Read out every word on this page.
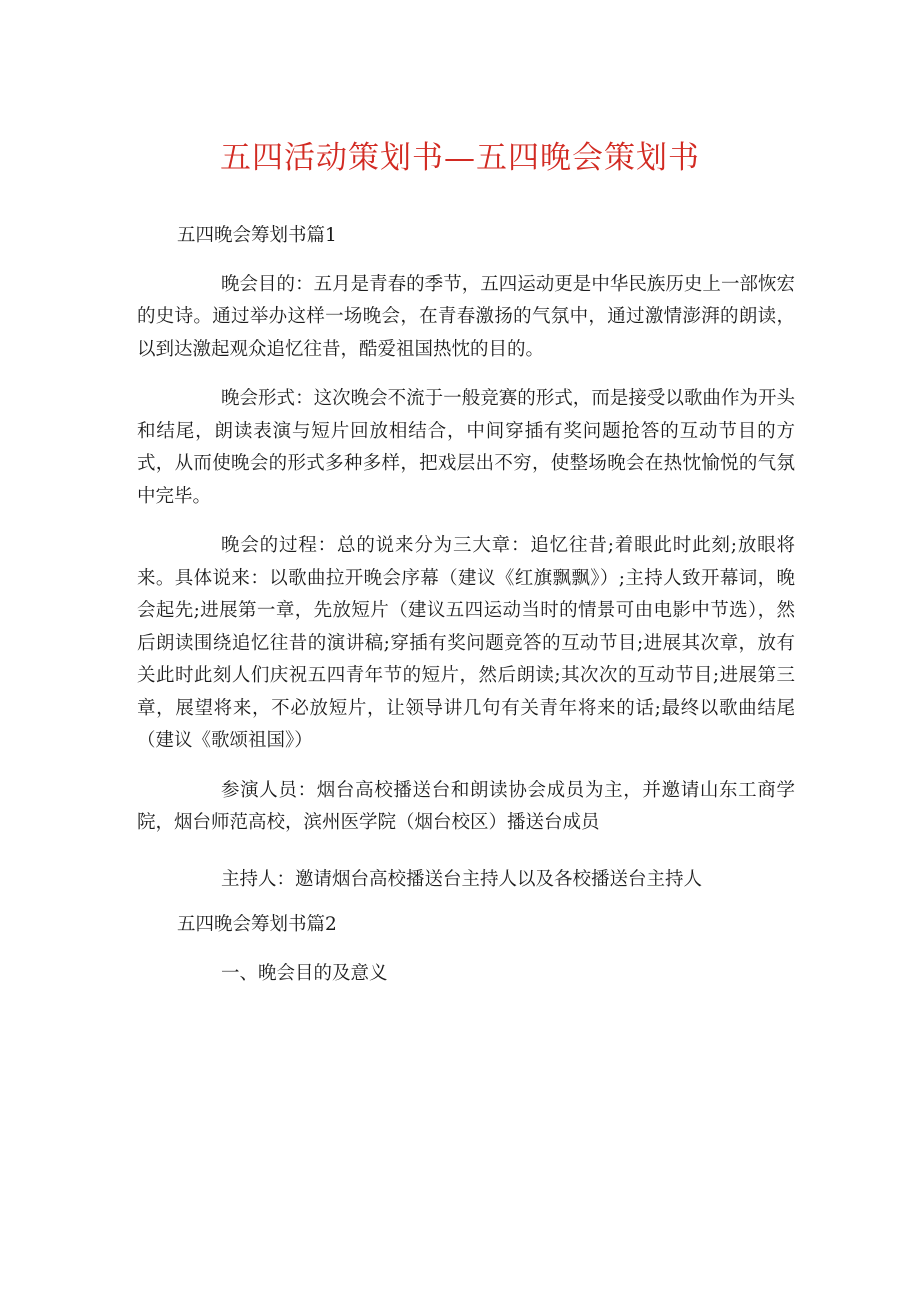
五四活动策划书—五四晚会策划书

五四晚会筹划书篇1

晚会目的：五月是青春的季节，五四运动更是中华民族历史上一部恢宏的史诗。通过举办这样一场晚会，在青春激扬的气氛中，通过激情澎湃的朗读，以到达激起观众追忆往昔，酷爱祖国热忱的目的。

晚会形式：这次晚会不流于一般竞赛的形式，而是接受以歌曲作为开头和结尾，朗读表演与短片回放相结合，中间穿插有奖问题抢答的互动节目的方式，从而使晚会的形式多种多样，把戏层出不穷，使整场晚会在热忱愉悦的气氛中完毕。

晚会的过程：总的说来分为三大章：追忆往昔;着眼此时此刻;放眼将来。具体说来：以歌曲拉开晚会序幕（建议《红旗飘飘》）;主持人致开幕词，晚会起先;进展第一章，先放短片（建议五四运动当时的情景可由电影中节选），然后朗读围绕追忆往昔的演讲稿;穿插有奖问题竞答的互动节目;进展其次章，放有关此时此刻人们庆祝五四青年节的短片，然后朗读;其次次的互动节目;进展第三章，展望将来，不必放短片，让领导讲几句有关青年将来的话;最终以歌曲结尾（建议《歌颂祖国》）

参演人员：烟台高校播送台和朗读协会成员为主，并邀请山东工商学院，烟台师范高校，滨州医学院（烟台校区）播送台成员

主持人：邀请烟台高校播送台主持人以及各校播送台主持人

五四晚会筹划书篇2

一、晚会目的及意义
